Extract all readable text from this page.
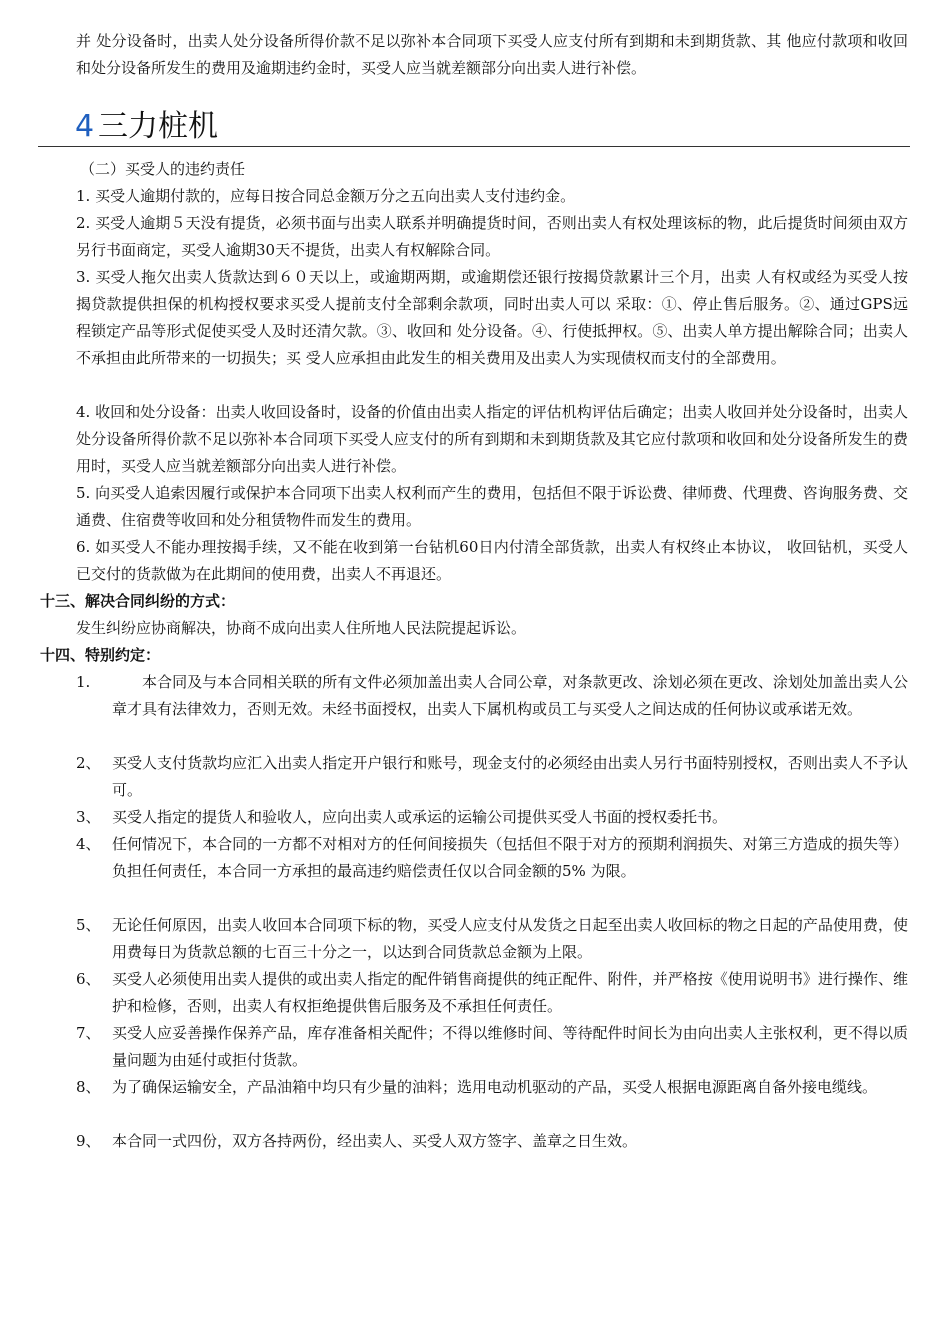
并 处分设备时，出卖人处分设备所得价款不足以弥补本合同项下买受人应支付所有到期和未到期货款、其 他应付款项和收回和处分设备所发生的费用及逾期违约金时，买受人应当就差额部分向出卖人进行补偿。

4 三力桩机
（二）买受人的违约责任

1. 买受人逾期付款的，应每日按合同总金额万分之五向出卖人支付违约金。

2. 买受人逾期５天没有提货，必须书面与出卖人联系并明确提货时间，否则出卖人有权处理该标的物，此后提货时间须由双方另行书面商定，买受人逾期30天不提货，出卖人有权解除合同。

3. 买受人拖欠出卖人货款达到６０天以上，或逾期两期，或逾期偿还银行按揭贷款累计三个月，出卖 人有权或经为买受人按揭贷款提供担保的机构授权要求买受人提前支付全部剩余款项，同时出卖人可以 采取：①、停止售后服务。②、通过GPS远程锁定产品等形式促使买受人及时还清欠款。③、收回和 处分设备。④、行使抵押权。⑤、出卖人单方提出解除合同；出卖人不承担由此所带来的一切损失；买 受人应承担由此发生的相关费用及出卖人为实现债权而支付的全部费用。

4. 收回和处分设备：出卖人收回设备时，设备的价值由出卖人指定的评估机构评估后确定；出卖人收回并处分设备时，出卖人处分设备所得价款不足以弥补本合同项下买受人应支付的所有到期和未到期货款及其它应付款项和收回和处分设备所发生的费用时，买受人应当就差额部分向出卖人进行补偿。

5. 向买受人追索因履行或保护本合同项下出卖人权利而产生的费用，包括但不限于诉讼费、律师费、代理费、咨询服务费、交通费、住宿费等收回和处分租赁物件而发生的费用。

6. 如买受人不能办理按揭手续，又不能在收到第一台钻机60日内付清全部货款，出卖人有权终止本协议， 收回钻机，买受人已交付的货款做为在此期间的使用费，出卖人不再退还。

十三、解决合同纠纷的方式：
发生纠纷应协商解决，协商不成向出卖人住所地人民法院提起诉讼。
十四、特别约定：
1. 　　本合同及与本合同相关联的所有文件必须加盖出卖人合同公章，对条款更改、涂划必须在更改、涂划处加盖出卖人公章才具有法律效力，否则无效。未经书面授权，出卖人下属机构或员工与买受人之间达成的任何协议或承诺无效。
2、 买受人支付货款均应汇入出卖人指定开户银行和账号，现金支付的必须经由出卖人另行书面特别授权，否则出卖人不予认可。
3、 买受人指定的提货人和验收人，应向出卖人或承运的运输公司提供买受人书面的授权委托书。
4、 任何情况下，本合同的一方都不对相对方的任何间接损失（包括但不限于对方的预期利润损失、对第三方造成的损失等）负担任何责任，本合同一方承担的最高违约赔偿责任仅以合同金额的5% 为限。
5、 无论任何原因，出卖人收回本合同项下标的物，买受人应支付从发货之日起至出卖人收回标的物之日起的产品使用费，使用费每日为货款总额的七百三十分之一，以达到合同货款总金额为上限。
6、 买受人必须使用出卖人提供的或出卖人指定的配件销售商提供的纯正配件、附件，并严格按《使用说明书》进行操作、维护和检修，否则，出卖人有权拒绝提供售后服务及不承担任何责任。
7、 买受人应妥善操作保养产品，库存准备相关配件；不得以维修时间、等待配件时间长为由向出卖人主张权利，更不得以质量问题为由延付或拒付货款。
8、 为了确保运输安全，产品油箱中均只有少量的油料；选用电动机驱动的产品，买受人根据电源距离自备外接电缆线。
9、 本合同一式四份，双方各持两份，经出卖人、买受人双方签字、盖章之日生效。
